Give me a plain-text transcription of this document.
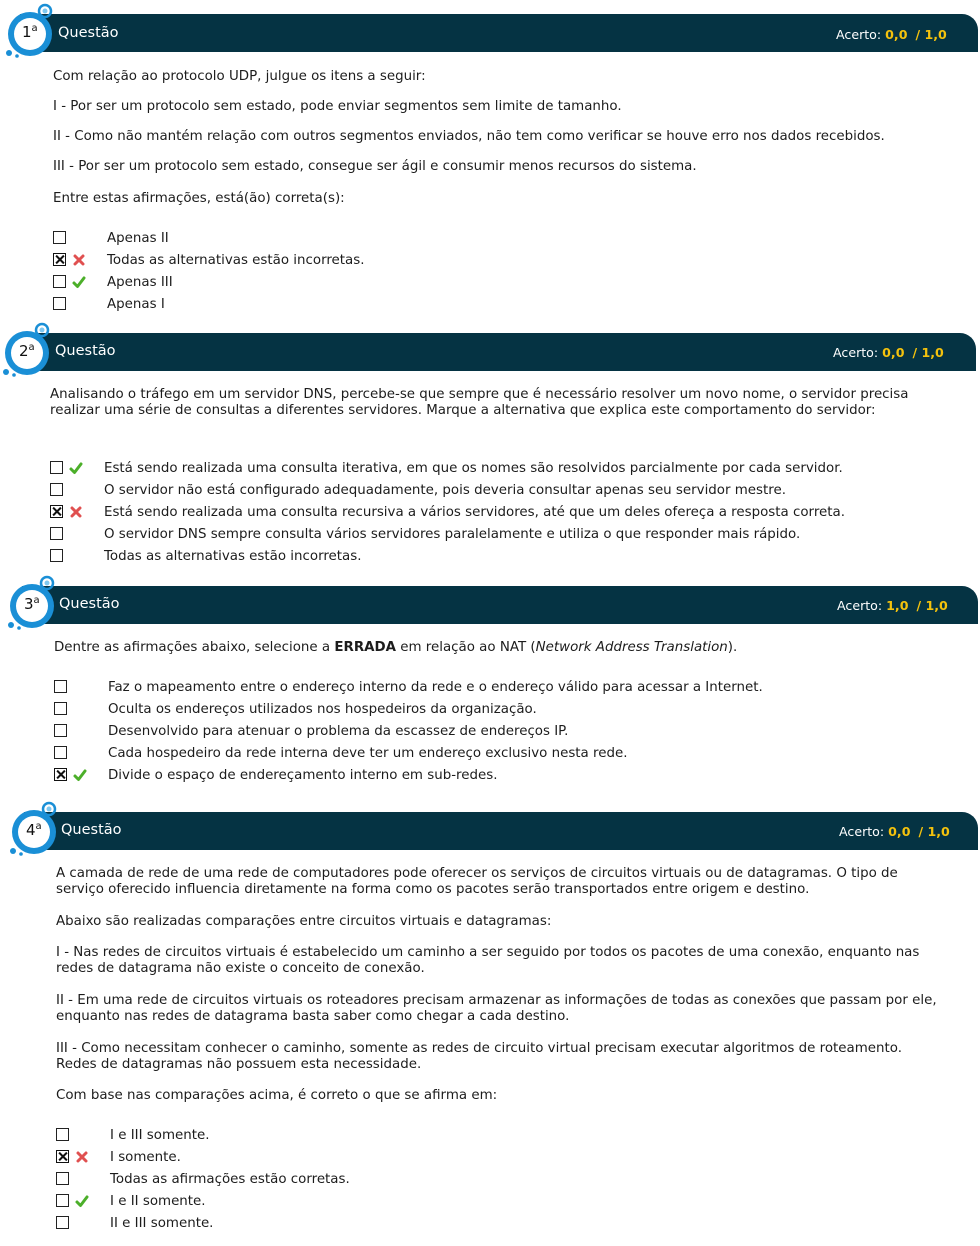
1$^a$ Questão	Acerto: 0,0 / 1,0

Com relação ao protocolo UDP, julgue os itens a seguir:

I - Por ser um protocolo sem estado, pode enviar segmentos sem limite de tamanho.

II - Como não mantém relação com outros segmentos enviados, não tem como verificar se houve erro nos dados recebidos.

III - Por ser um protocolo sem estado, consegue ser ágil e consumir menos recursos do sistema.

Entre estas afirmações, está(ão) correta(s):

Apenas II
Todas as alternativas estão incorretas.
Apenas III
Apenas I
2$^a$ Questão	Acerto: 0,0 / 1,0

Analisando o tráfego em um servidor DNS, percebe-se que sempre que é necessário resolver um novo nome, o servidor precisa realizar uma série de consultas a diferentes servidores. Marque a alternativa que explica este comportamento do servidor:

Está sendo realizada uma consulta iterativa, em que os nomes são resolvidos parcialmente por cada servidor.
O servidor não está configurado adequadamente, pois deveria consultar apenas seu servidor mestre.
Está sendo realizada uma consulta recursiva a vários servidores, até que um deles ofereça a resposta correta.
O servidor DNS sempre consulta vários servidores paralelamente e utiliza o que responder mais rápido.
Todas as alternativas estão incorretas.
3$^a$ Questão	Acerto: 1,0 / 1,0

Dentre as afirmações abaixo, selecione a ERRADA em relação ao NAT (Network Address Translation).

Faz o mapeamento entre o endereço interno da rede e o endereço válido para acessar a Internet.
Oculta os endereços utilizados nos hospedeiros da organização.
Desenvolvido para atenuar o problema da escassez de endereços IP.
Cada hospedeiro da rede interna deve ter um endereço exclusivo nesta rede.
Divide o espaço de endereçamento interno em sub-redes.
4$^a$ Questão	Acerto: 0,0 / 1,0

A camada de rede de uma rede de computadores pode oferecer os serviços de circuitos virtuais ou de datagramas. O tipo de serviço oferecido influencia diretamente na forma como os pacotes serão transportados entre origem e destino.

Abaixo são realizadas comparações entre circuitos virtuais e datagramas:

I - Nas redes de circuitos virtuais é estabelecido um caminho a ser seguido por todos os pacotes de uma conexão, enquanto nas redes de datagrama não existe o conceito de conexão.

II - Em uma rede de circuitos virtuais os roteadores precisam armazenar as informações de todas as conexões que passam por ele, enquanto nas redes de datagrama basta saber como chegar a cada destino.

III - Como necessitam conhecer o caminho, somente as redes de circuito virtual precisam executar algoritmos de roteamento. Redes de datagramas não possuem esta necessidade.

Com base nas comparações acima, é correto o que se afirma em:

I e III somente.
I somente.
Todas as afirmações estão corretas.
I e II somente.
II e III somente.
